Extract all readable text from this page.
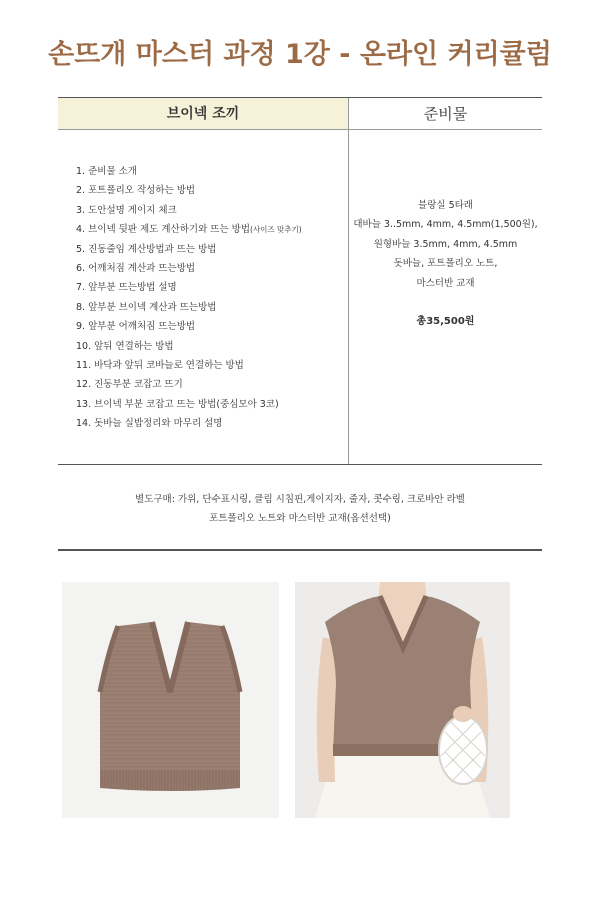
손뜨개 마스터 과정 1강 - 온라인 커리큘럼
브이넥 조끼	준비물
1. 준비물 소개
2. 포트폴리오 작성하는 방법
3. 도안설명 게이지 체크
4. 브이넥 뒷판 제도 계산하기와 뜨는 방법(사이즈 맞추기)
5. 진동줄임 계산방법과 뜨는 방법
6. 어깨처짐 계산과 뜨는방법
7. 앞부분 뜨는방법 설명
8. 앞부분 브이넥 계산과 뜨는방법
9. 앞부분 어깨처짐 뜨는방법
10. 앞뒤 연결하는 방법
11. 바닥과 앞뒤 코바늘로 연결하는 방법
12. 진동부분 코잡고 뜨기
13. 브이넥 부분 코잡고 뜨는 방법(중심모아 3코)
14. 돗바늘 실밥정리와 마무리 설명
블랑실 5타래
대바늘 3..5mm, 4mm, 4.5mm(1,500원),
원형바늘 3.5mm, 4mm, 4.5mm
돗바늘, 포트폴리오 노트,
마스터반 교재
총35,500원
별도구매: 가위, 단수표시링, 클림 시침핀,게이지자, 줄자, 콧수링, 크로바안 라벨
포트폴리오 노트와 마스터반 교재(옵션선택)
